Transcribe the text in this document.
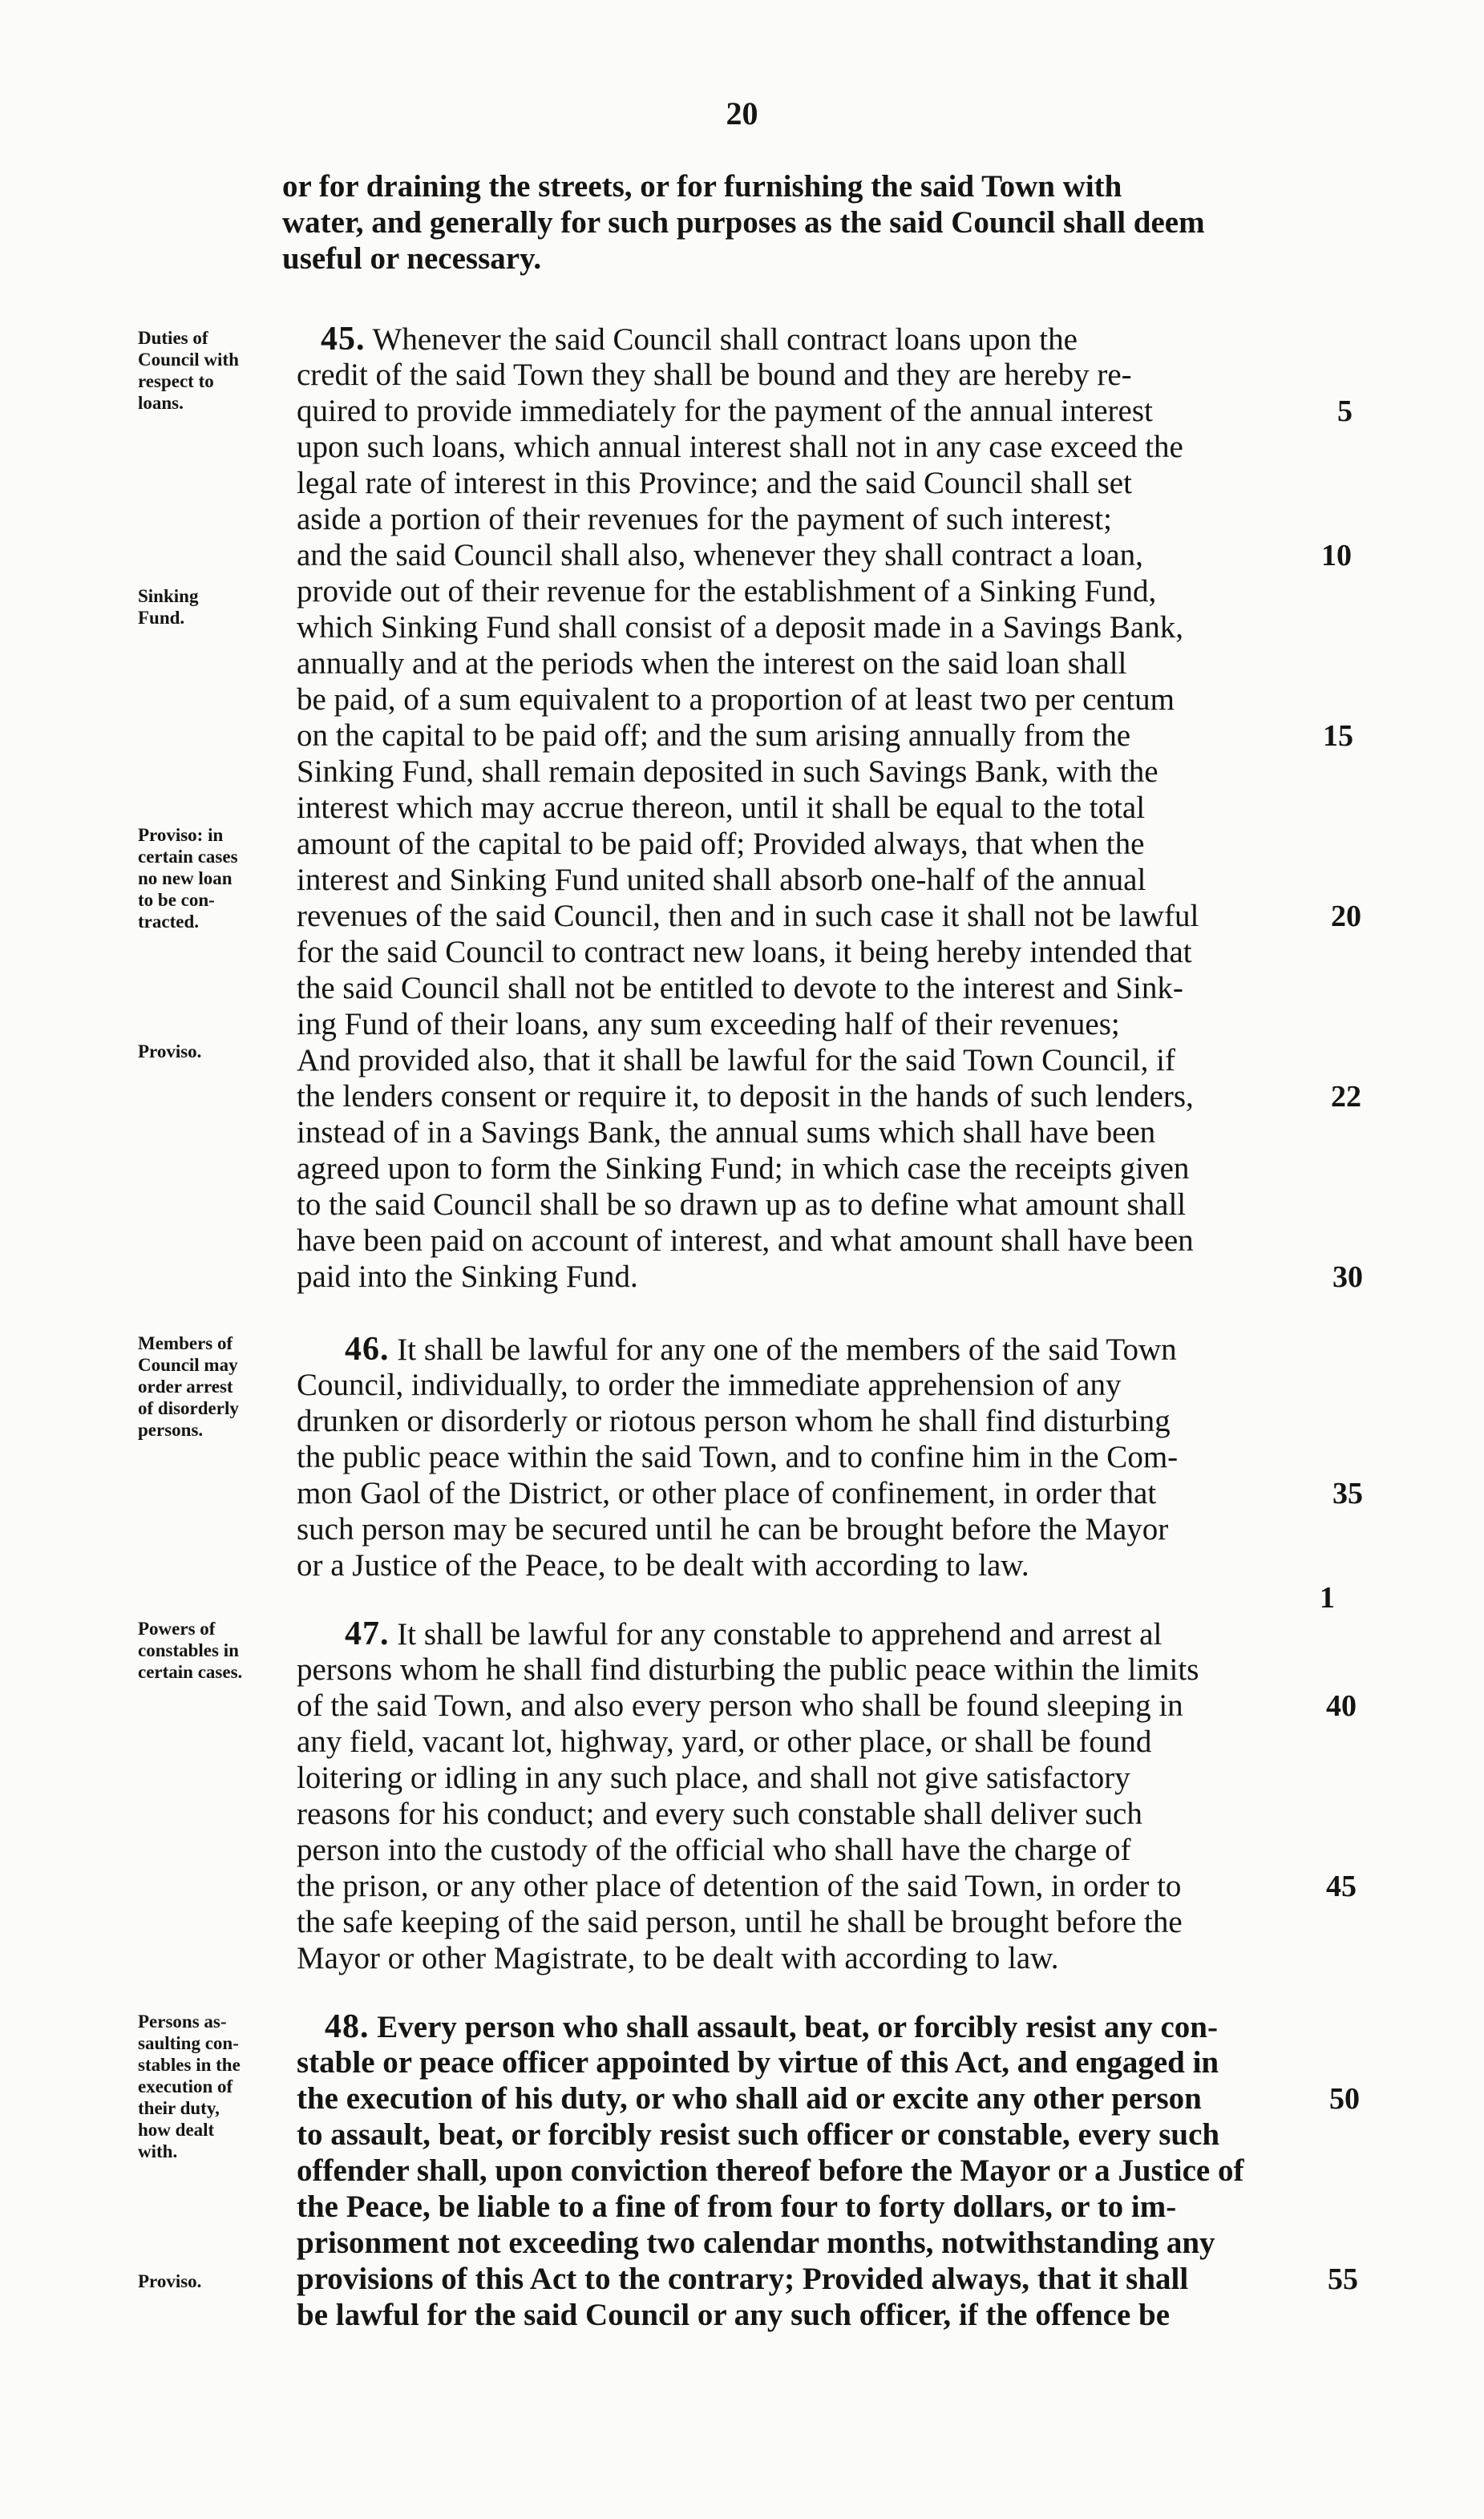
20
or for draining the streets, or for furnishing the said Town with
water, and generally for such purposes as the said Council shall deem
useful or necessary.
45. Whenever the said Council shall contract loans upon the
credit of the said Town they shall be bound and they are hereby re-
quired to provide immediately for the payment of the annual interest
upon such loans, which annual interest shall not in any case exceed the
legal rate of interest in this Province; and the said Council shall set
aside a portion of their revenues for the payment of such interest;
and the said Council shall also, whenever they shall contract a loan,
provide out of their revenue for the establishment of a Sinking Fund,
which Sinking Fund shall consist of a deposit made in a Savings Bank,
annually and at the periods when the interest on the said loan shall
be paid, of a sum equivalent to a proportion of at least two per centum
on the capital to be paid off; and the sum arising annually from the
Sinking Fund, shall remain deposited in such Savings Bank, with the
interest which may accrue thereon, until it shall be equal to the total
amount of the capital to be paid off; Provided always, that when the
interest and Sinking Fund united shall absorb one-half of the annual
revenues of the said Council, then and in such case it shall not be lawful
for the said Council to contract new loans, it being hereby intended that
the said Council shall not be entitled to devote to the interest and Sink-
ing Fund of their loans, any sum exceeding half of their revenues;
And provided also, that it shall be lawful for the said Town Council, if
the lenders consent or require it, to deposit in the hands of such lenders,
instead of in a Savings Bank, the annual sums which shall have been
agreed upon to form the Sinking Fund; in which case the receipts given
to the said Council shall be so drawn up as to define what amount shall
have been paid on account of interest, and what amount shall have been
paid into the Sinking Fund.
46. It shall be lawful for any one of the members of the said Town
Council, individually, to order the immediate apprehension of any
drunken or disorderly or riotous person whom he shall find disturbing
the public peace within the said Town, and to confine him in the Com-
mon Gaol of the District, or other place of confinement, in order that
such person may be secured until he can be brought before the Mayor
or a Justice of the Peace, to be dealt with according to law.
47. It shall be lawful for any constable to apprehend and arrest al
persons whom he shall find disturbing the public peace within the limits
of the said Town, and also every person who shall be found sleeping in
any field, vacant lot, highway, yard, or other place, or shall be found
loitering or idling in any such place, and shall not give satisfactory
reasons for his conduct; and every such constable shall deliver such
person into the custody of the official who shall have the charge of
the prison, or any other place of detention of the said Town, in order to
the safe keeping of the said person, until he shall be brought before the
Mayor or other Magistrate, to be dealt with according to law.
48. Every person who shall assault, beat, or forcibly resist any con-
stable or peace officer appointed by virtue of this Act, and engaged in
the execution of his duty, or who shall aid or excite any other person
to assault, beat, or forcibly resist such officer or constable, every such
offender shall, upon conviction thereof before the Mayor or a Justice of
the Peace, be liable to a fine of from four to forty dollars, or to im-
prisonment not exceeding two calendar months, notwithstanding any
provisions of this Act to the contrary; Provided always, that it shall
be lawful for the said Council or any such officer, if the offence be
Duties of
Council with
respect to
loans.
Sinking
Fund.
Proviso: in
certain cases
no new loan
to be con-
tracted.
Proviso.
Members of
Council may
order arrest
of disorderly
persons.
Powers of
constables in
certain cases.
Persons as-
saulting con-
stables in the
execution of
their duty,
how dealt
with.
Proviso.
5
10
15
20
22
30
35
1
40
45
50
55
